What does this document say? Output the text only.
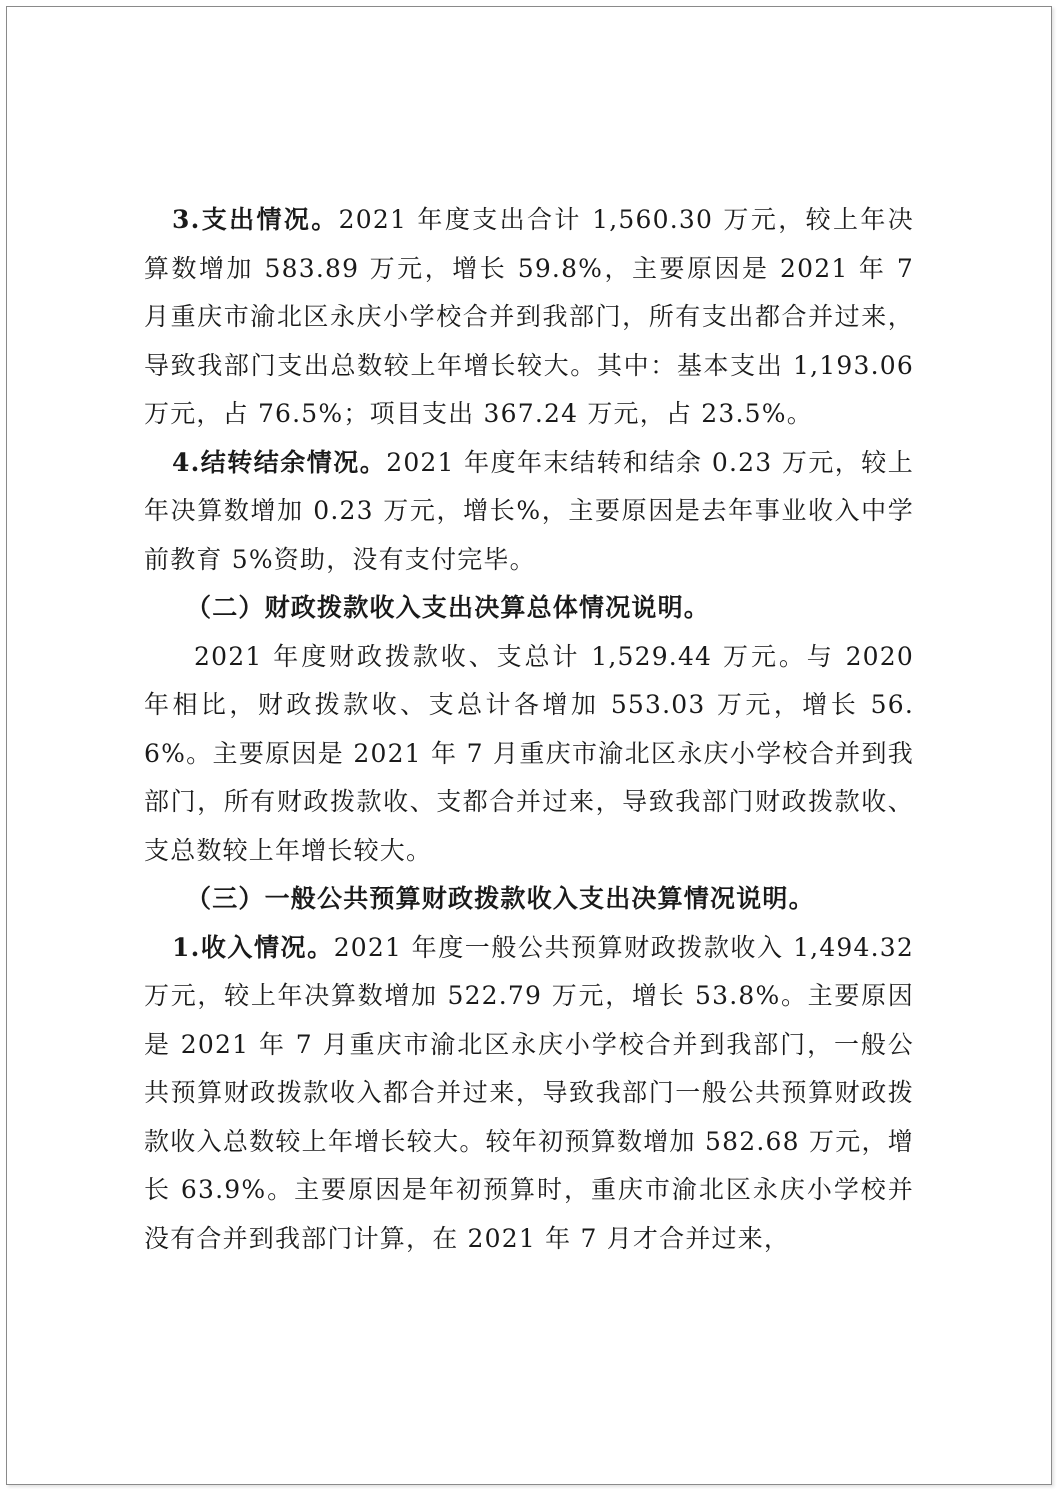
3.支出情况。2021 年度支出合计 1,560.30 万元，较上年决算数增加 583.89 万元，增长 59.8%，主要原因是 2021 年 7 月重庆市渝北区永庆小学校合并到我部门，所有支出都合并过来，导致我部门支出总数较上年增长较大。其中：基本支出 1,193.06 万元，占 76.5%；项目支出 367.24 万元，占 23.5%。

4.结转结余情况。2021 年度年末结转和结余 0.23 万元，较上年决算数增加 0.23 万元，增长%，主要原因是去年事业收入中学前教育 5%资助，没有支付完毕。

（二）财政拨款收入支出决算总体情况说明。

2021 年度财政拨款收、支总计 1,529.44 万元。与 2020 年相比，财政拨款收、支总计各增加 553.03 万元，增长 56.6%。主要原因是 2021 年 7 月重庆市渝北区永庆小学校合并到我部门，所有财政拨款收、支都合并过来，导致我部门财政拨款收、支总数较上年增长较大。

（三）一般公共预算财政拨款收入支出决算情况说明。

1.收入情况。2021 年度一般公共预算财政拨款收入 1,494.32 万元，较上年决算数增加 522.79 万元，增长 53.8%。主要原因是 2021 年 7 月重庆市渝北区永庆小学校合并到我部门，一般公共预算财政拨款收入都合并过来，导致我部门一般公共预算财政拨款收入总数较上年增长较大。较年初预算数增加 582.68 万元，增长 63.9%。主要原因是年初预算时，重庆市渝北区永庆小学校并没有合并到我部门计算，在 2021 年 7 月才合并过来，
